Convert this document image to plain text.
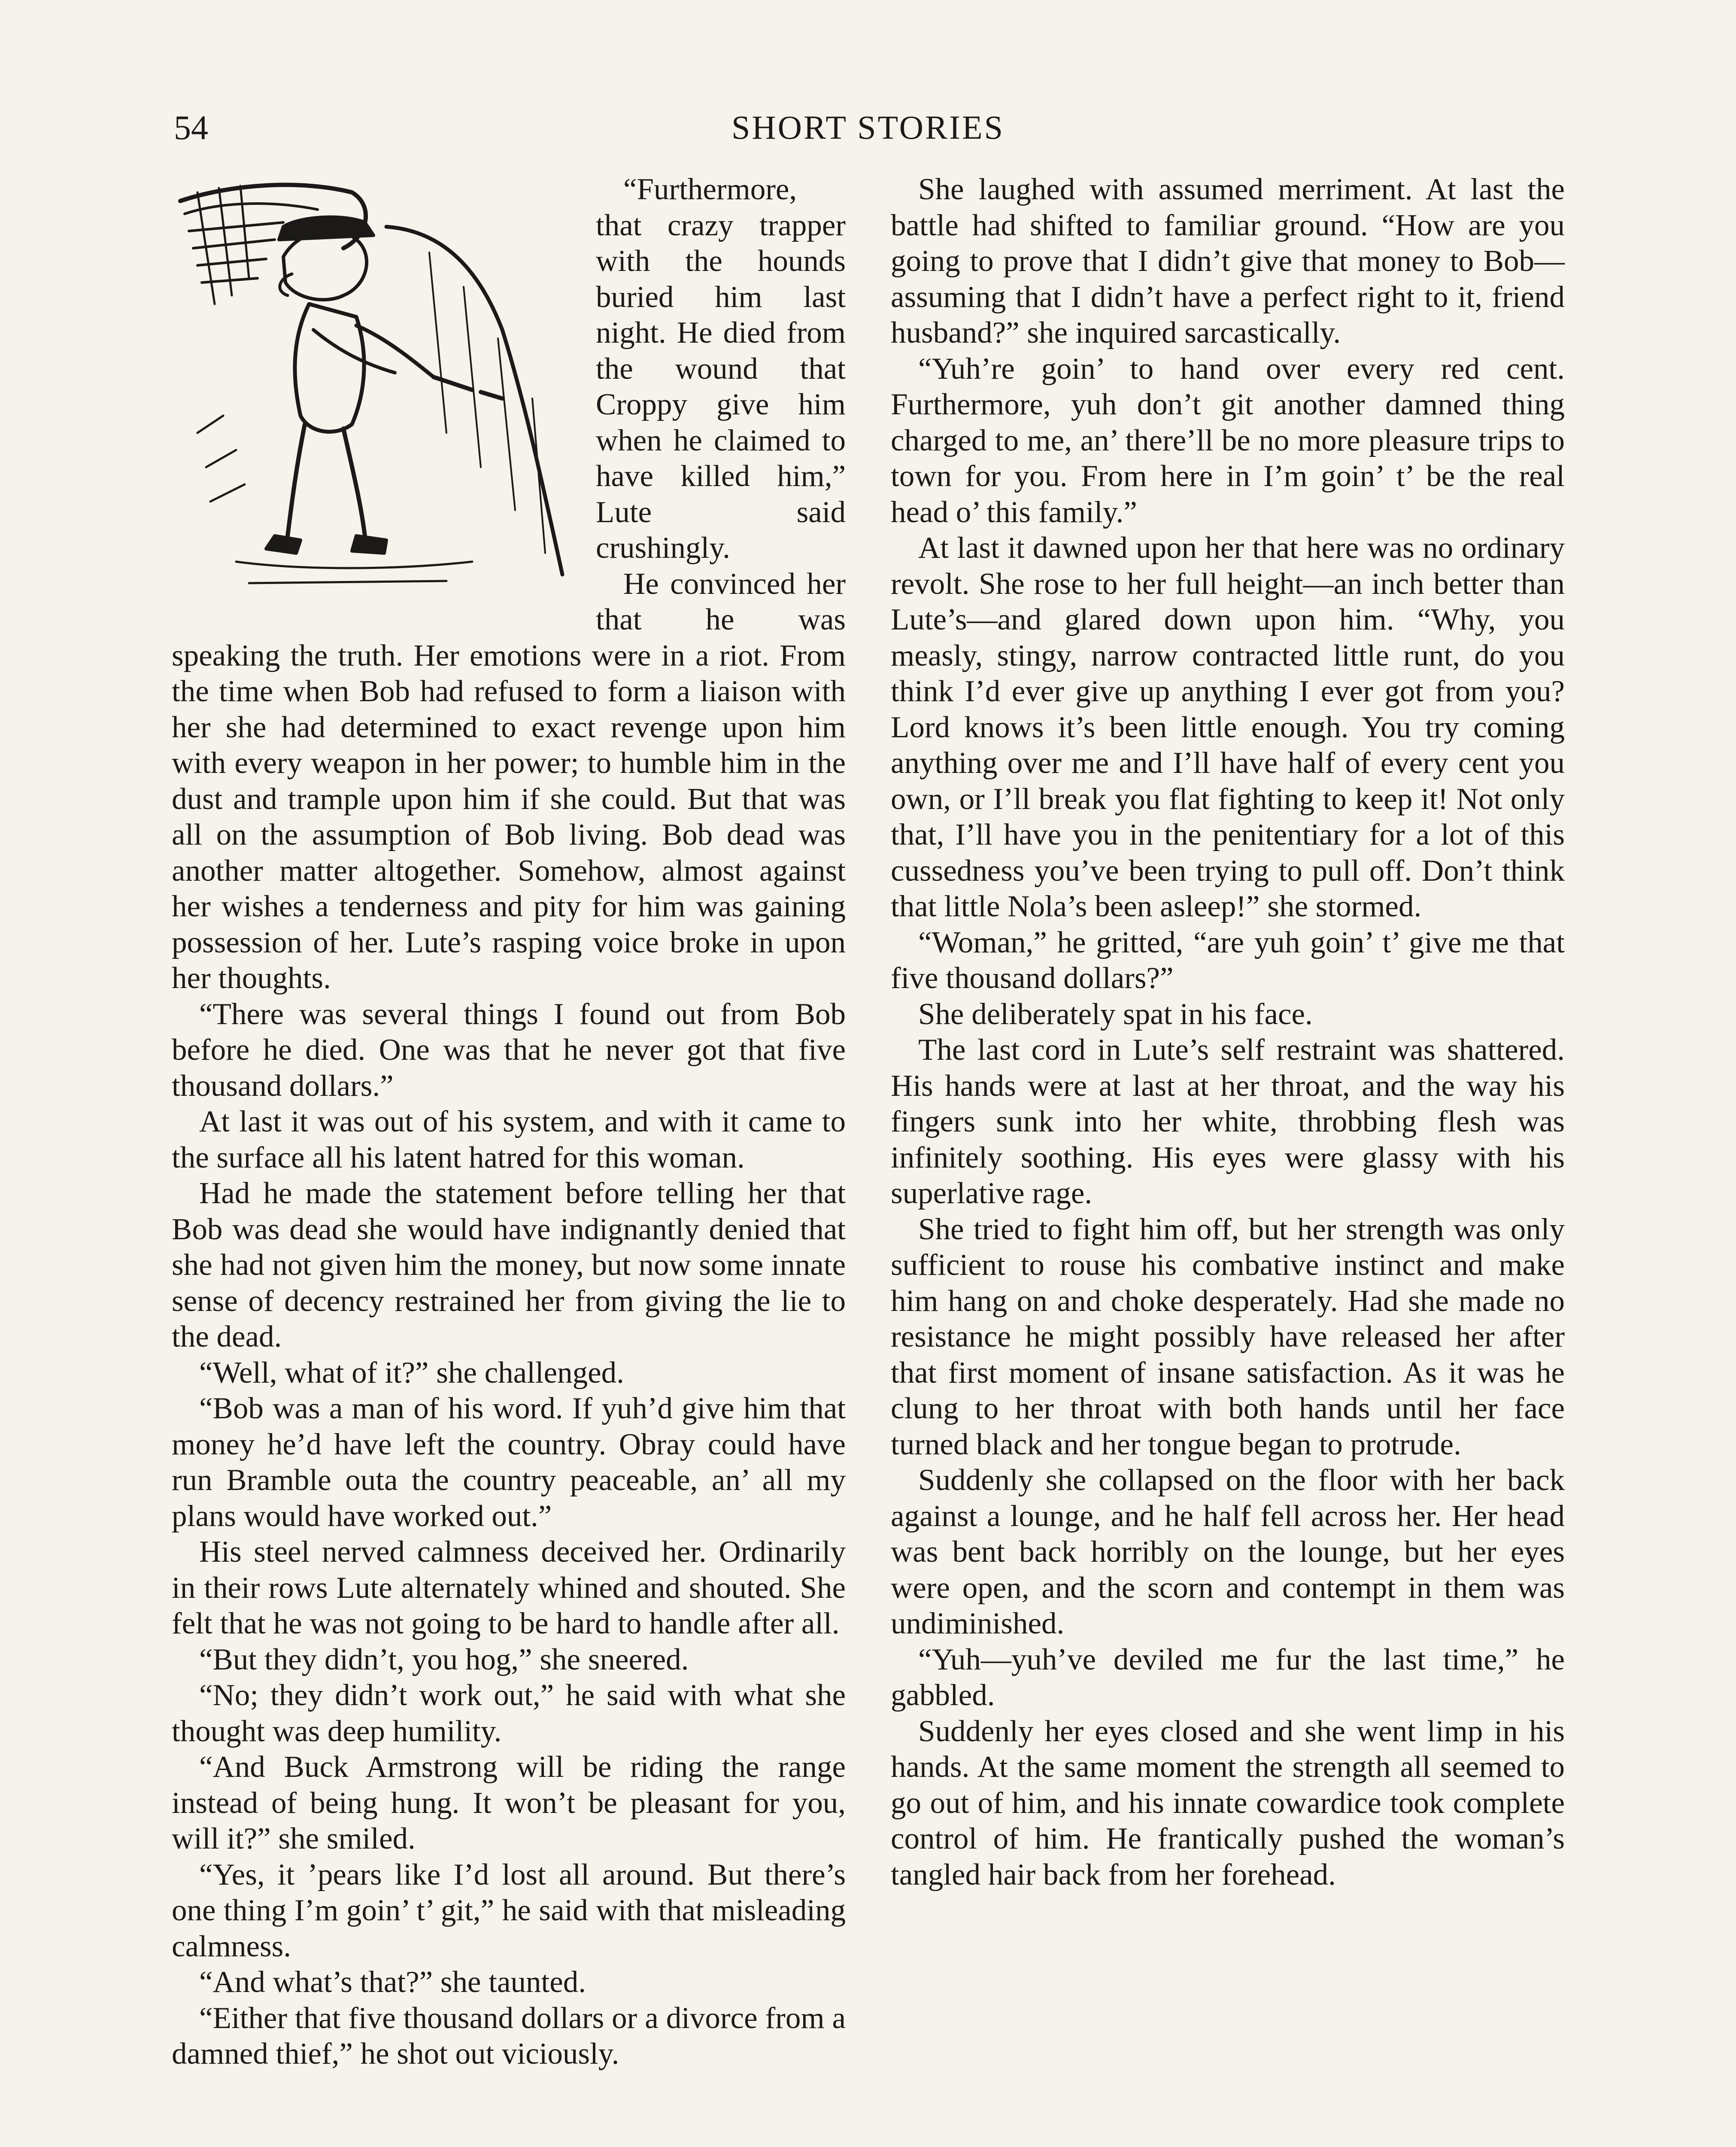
54	SHORT STORIES

“Furthermore, that crazy trapper with the hounds buried him last night. He died from the wound that Croppy give him when he claimed to have killed him,” Lute said crushingly.

He convinced her that he was speaking the truth. Her emotions were in a riot. From the time when Bob had refused to form a liaison with her she had determined to exact revenge upon him with every weapon in her power; to humble him in the dust and trample upon him if she could. But that was all on the assumption of Bob living. Bob dead was another matter altogether. Somehow, almost against her wishes a tenderness and pity for him was gaining possession of her. Lute’s rasping voice broke in upon her thoughts.

“There was several things I found out from Bob before he died. One was that he never got that five thousand dollars.”

At last it was out of his system, and with it came to the surface all his latent hatred for this woman.

Had he made the statement before telling her that Bob was dead she would have indignantly denied that she had not given him the money, but now some innate sense of decency restrained her from giving the lie to the dead.

“Well, what of it?” she challenged.

“Bob was a man of his word. If yuh’d give him that money he’d have left the country. Obray could have run Bramble outa the country peaceable, an’ all my plans would have worked out.”

His steel nerved calmness deceived her. Ordinarily in their rows Lute alternately whined and shouted. She felt that he was not going to be hard to handle after all.

“But they didn’t, you hog,” she sneered.

“No; they didn’t work out,” he said with what she thought was deep humility.

“And Buck Armstrong will be riding the range instead of being hung. It won’t be pleasant for you, will it?” she smiled.

“Yes, it ’pears like I’d lost all around. But there’s one thing I’m goin’ t’ git,” he said with that misleading calmness.

“And what’s that?” she taunted.

“Either that five thousand dollars or a divorce from a damned thief,” he shot out viciously.

She laughed with assumed merriment. At last the battle had shifted to familiar ground. “How are you going to prove that I didn’t give that money to Bob—assuming that I didn’t have a perfect right to it, friend husband?” she inquired sarcastically.

“Yuh’re goin’ to hand over every red cent. Furthermore, yuh don’t git another damned thing charged to me, an’ there’ll be no more pleasure trips to town for you. From here in I’m goin’ t’ be the real head o’ this family.”

At last it dawned upon her that here was no ordinary revolt. She rose to her full height—an inch better than Lute’s—and glared down upon him. “Why, you measly, stingy, narrow contracted little runt, do you think I’d ever give up anything I ever got from you? Lord knows it’s been little enough. You try coming anything over me and I’ll have half of every cent you own, or I’ll break you flat fighting to keep it! Not only that, I’ll have you in the penitentiary for a lot of this cussedness you’ve been trying to pull off. Don’t think that little Nola’s been asleep!” she stormed.

“Woman,” he gritted, “are yuh goin’ t’ give me that five thousand dollars?”

She deliberately spat in his face.

The last cord in Lute’s self restraint was shattered. His hands were at last at her throat, and the way his fingers sunk into her white, throbbing flesh was infinitely soothing. His eyes were glassy with his superlative rage.

She tried to fight him off, but her strength was only sufficient to rouse his combative instinct and make him hang on and choke desperately. Had she made no resistance he might possibly have released her after that first moment of insane satisfaction. As it was he clung to her throat with both hands until her face turned black and her tongue began to protrude.

Suddenly she collapsed on the floor with her back against a lounge, and he half fell across her. Her head was bent back horribly on the lounge, but her eyes were open, and the scorn and contempt in them was undiminished.

“Yuh—yuh’ve deviled me fur the last time,” he gabbled.

Suddenly her eyes closed and she went limp in his hands. At the same moment the strength all seemed to go out of him, and his innate cowardice took complete control of him. He frantically pushed the woman’s tangled hair back from her forehead.
